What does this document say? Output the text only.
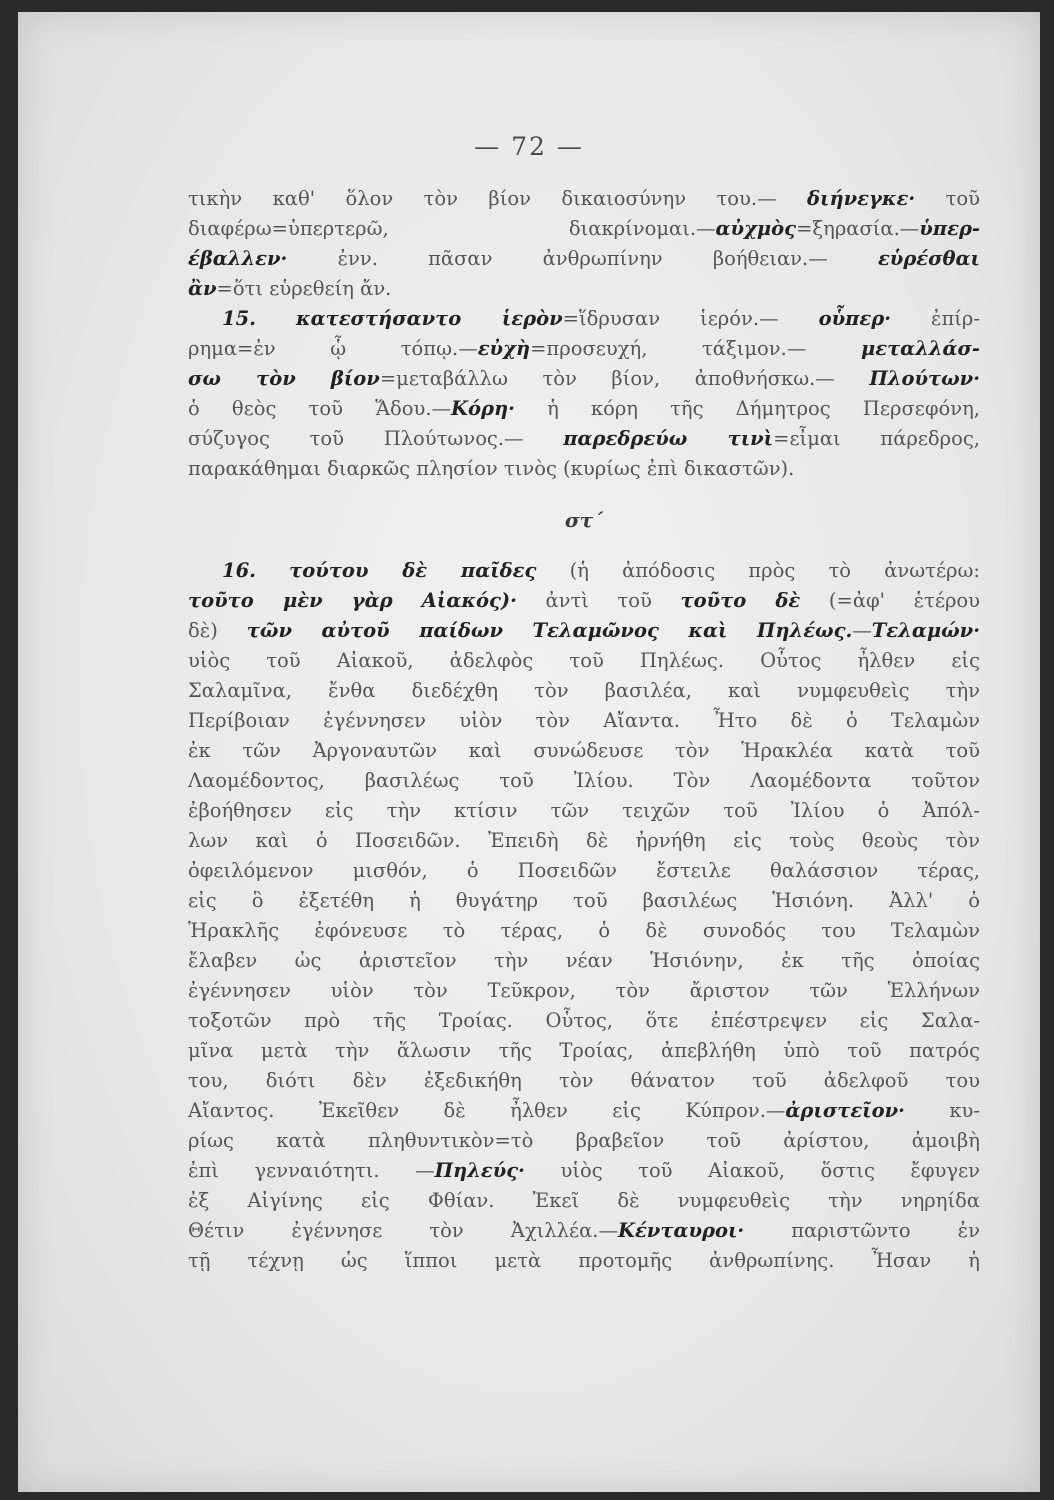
— 72 —
τικὴν καθ' ὅλον τὸν βίον δικαιοσύνην του.— διήνεγκε· τοῦ
διαφέρω=ὑπερτερῶ, διακρίνομαι.—αὐχμὸς=ξηρασία.—ὑπερ-
έβαλλεν· ἐνν. πᾶσαν ἀνθρωπίνην βοήθειαν.— εὑρέσθαι
ἂν=ὅτι εὑρεθείη ἄν.
15. κατεστήσαντο ἱερὸν=ἵδρυσαν ἱερόν.— οὗπερ· ἐπίρ-
ρημα=ἐν ᾧ τόπῳ.—εὐχὴ=προσευχή, τάξιμον.— μεταλλάσ-
σω τὸν βίον=μεταβάλλω τὸν βίον, ἀποθνήσκω.— Πλούτων·
ὁ θεὸς τοῦ Ἅδου.—Κόρη· ἡ κόρη τῆς Δήμητρος Περσεφόνη,
σύζυγος τοῦ Πλούτωνος.— παρεδρεύω τινὶ=εἶμαι πάρεδρος,
παρακάθημαι διαρκῶς πλησίον τινὸς (κυρίως ἐπὶ δικαστῶν).
στ΄
16. τούτου δὲ παῖδες (ἡ ἀπόδοσις πρὸς τὸ ἀνωτέρω:
τοῦτο μὲν γὰρ Αἰακός)· ἀντὶ τοῦ τοῦτο δὲ (=ἀφ' ἑτέρου
δὲ) τῶν αὐτοῦ παίδων Τελαμῶνος καὶ Πηλέως.—Τελαμών·
υἱὸς τοῦ Αἰακοῦ, ἀδελφὸς τοῦ Πηλέως. Οὗτος ἦλθεν εἰς
Σαλαμῖνα, ἔνθα διεδέχθη τὸν βασιλέα, καὶ νυμφευθεὶς τὴν
Περίβοιαν ἐγέννησεν υἱὸν τὸν Αἴαντα. Ἦτο δὲ ὁ Τελαμὼν
ἐκ τῶν Ἀργοναυτῶν καὶ συνώδευσε τὸν Ἡρακλέα κατὰ τοῦ
Λαομέδοντος, βασιλέως τοῦ Ἰλίου. Τὸν Λαομέδοντα τοῦτον
ἐβοήθησεν εἰς τὴν κτίσιν τῶν τειχῶν τοῦ Ἰλίου ὁ Ἀπόλ-
λων καὶ ὁ Ποσειδῶν. Ἐπειδὴ δὲ ἠρνήθη εἰς τοὺς θεοὺς τὸν
ὀφειλόμενον μισθόν, ὁ Ποσειδῶν ἔστειλε θαλάσσιον τέρας,
εἰς ὃ ἐξετέθη ἡ θυγάτηρ τοῦ βασιλέως Ἡσιόνη. Ἀλλ' ὁ
Ἡρακλῆς ἐφόνευσε τὸ τέρας, ὁ δὲ συνοδός του Τελαμὼν
ἔλαβεν ὡς ἀριστεῖον τὴν νέαν Ἡσιόνην, ἐκ τῆς ὁποίας
ἐγέννησεν υἱὸν τὸν Τεῦκρον, τὸν ἄριστον τῶν Ἑλλήνων
τοξοτῶν πρὸ τῆς Τροίας. Οὗτος, ὅτε ἐπέστρεψεν εἰς Σαλα-
μῖνα μετὰ τὴν ἅλωσιν τῆς Τροίας, ἀπεβλήθη ὑπὸ τοῦ πατρός
του, διότι δὲν ἐξεδικήθη τὸν θάνατον τοῦ ἀδελφοῦ του
Αἴαντος. Ἐκεῖθεν δὲ ἦλθεν εἰς Κύπρον.—ἀριστεῖον· κυ-
ρίως κατὰ πληθυντικὸν=τὸ βραβεῖον τοῦ ἀρίστου, ἀμοιβὴ
ἐπὶ γενναιότητι. —Πηλεύς· υἱὸς τοῦ Αἰακοῦ, ὅστις ἔφυγεν
ἐξ Αἰγίνης εἰς Φθίαν. Ἐκεῖ δὲ νυμφευθεὶς τὴν νηρηίδα
Θέτιν ἐγέννησε τὸν Ἀχιλλέα.—Κένταυροι· παριστῶντο ἐν
τῇ τέχνῃ ὡς ἵπποι μετὰ προτομῆς ἀνθρωπίνης. Ἦσαν ἡ
